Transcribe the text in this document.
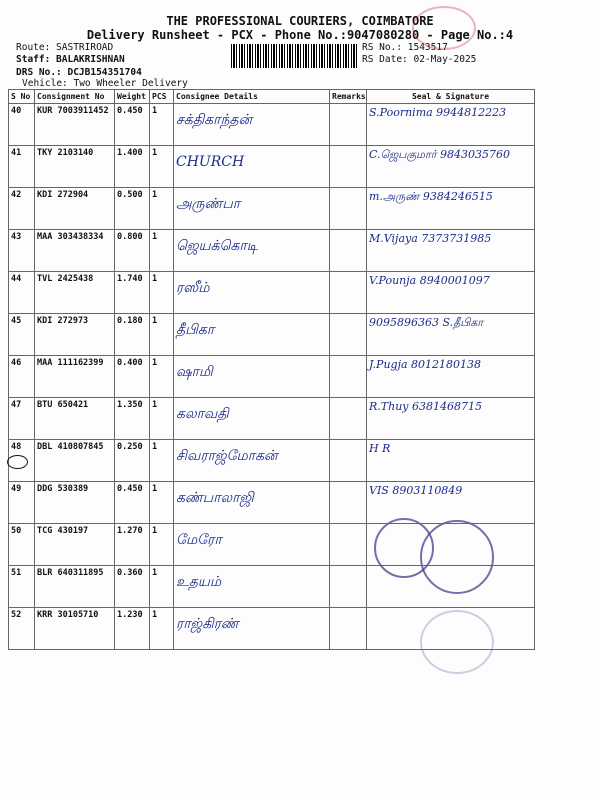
THE PROFESSIONAL COURIERS, COIMBATORE
Delivery Runsheet - PCX - Phone No.:9047080280 - Page No.:4
Route: SASTRIROAD
Staff: BALAKRISHNAN
DRS No.: DCJB154351704
Vehicle: Two Wheeler Delivery
RS No.: 1543517
RS Date: 02-May-2025
S No	Consignment No	Weight	PCS	Consignee Details	Remarks	Seal & Signature
40	KUR 7003911452	0.450	1	சக்திகாந்தன்		S.Poornima 9944812223

41	TKY 2103140	1.400	1	CHURCH		C.ஜெபகுமார் 9843035760

42	KDI 272904	0.500	1	அருண்பா		m.அருண் 9384246515

43	MAA 303438334	0.800	1	ஜெயக்கொடி		M.Vijaya 7373731985

44	TVL 2425438	1.740	1	ரஸீம்		V.Pounja 8940001097

45	KDI 272973	0.180	1	தீபிகா		9095896363 S.தீபிகா

46	MAA 111162399	0.400	1	ஷாமி		J.Pugja 8012180138

47	BTU 650421	1.350	1	கலாவதி		R.Thuy 6381468715

48	DBL 410807845	0.250	1	சிவராஜ்மோகன்		H R

49	DDG 530389	0.450	1	கண்பாலாஜி		VIS 8903110849

50	TCG 430197	1.270	1	மேரோ		

51	BLR 640311895	0.360	1	உதயம்		

52	KRR 30105710	1.230	1	ராஜ்கிரண்		
